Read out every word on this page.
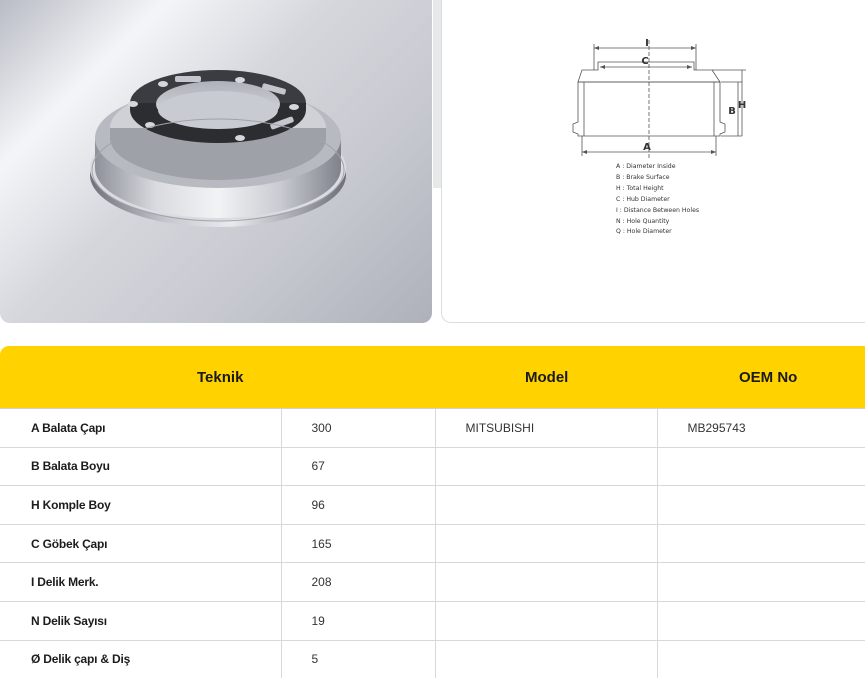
I
C
A
B
H
A : Diameter Inside
B : Brake Surface
H : Total Height
C : Hub Diameter
I : Distance Between Holes
N : Hole Quantity
Q : Hole Diameter
Teknik		Model	OEM No
A Balata Çapı	300	MITSUBISHI	MB295743
B Balata Boyu	67		
H Komple Boy	96		
C Göbek Çapı	165		
I Delik Merk.	208		
N Delik Sayısı	19		
Ø Delik çapı & Diş	5		
